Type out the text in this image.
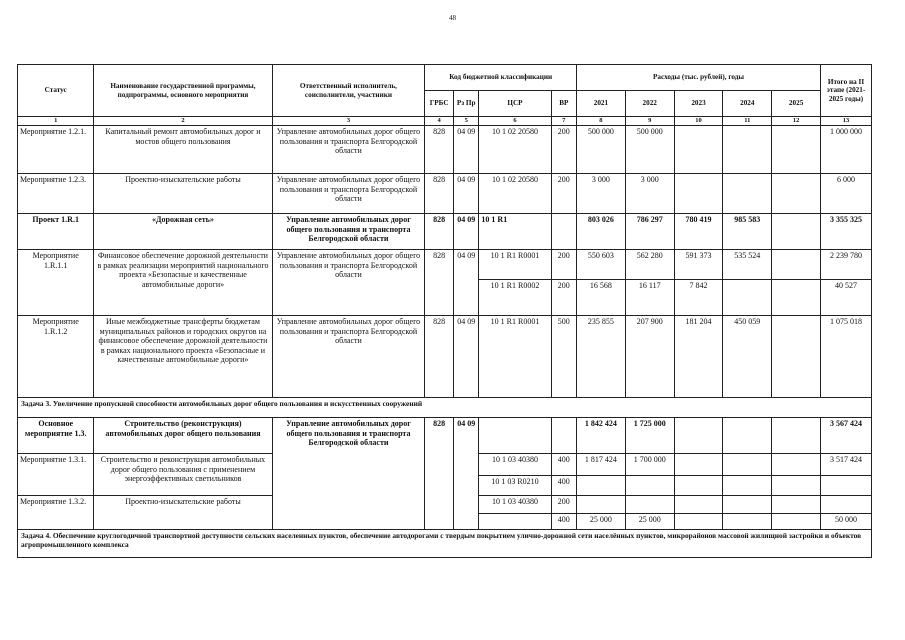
48
Статус	Наименование государственной программы, подпрограммы, основного мероприятия	Ответственный исполнитель, соисполнители, участники	Код бюджетной классификации				Расходы (тыс. рублей), годы					Итого на II этапе (2021-2025 годы)
			ГРБС	Рз Пр	ЦСР	ВР	2021	2022	2023	2024	2025	
1	2	3	4	5	6	7	8	9	10	11	12	13
Мероприятие 1.2.1.	Капитальный ремонт автомобильных дорог и мостов общего пользования	Управление автомобильных дорог общего пользования и транспорта Белгородской области	828	04 09	10 1 02 20580	200	500 000	500 000				1 000 000
Мероприятие 1.2.3.	Проектно-изыскательские работы	Управление автомобильных дорог общего пользования и транспорта Белгородской области	828	04 09	10 1 02 20580	200	3 000	3 000				6 000
Проект 1.R.1	«Дорожная сеть»	Управление автомобильных дорог общего пользования и транспорта Белгородской области	828	04 09	10 1 R1		803 026	786 297	780 419	985 583		3 355 325
Мероприятие 1.R.1.1	Финансовое обеспечение дорожной деятельности в рамках реализации мероприятий национального проекта «Безопасные и качественные автомобильные дороги»	Управление автомобильных дорог общего пользования и транспорта Белгородской области	828	04 09	10 1 R1 R0001	200	550 603	562 280	591 373	535 524		2 239 780
					10 1 R1 R0002	200	16 568	16 117	7 842			40 527
Мероприятие 1.R.1.2	Иные межбюджетные трансферты бюджетам муниципальных районов и городских округов на финансовое обеспечение дорожной деятельности в рамках национального проекта «Безопасные и качественные автомобильные дороги»	Управление автомобильных дорог общего пользования и транспорта Белгородской области	828	04 09	10 1 R1 R0001	500	235 855	207 900	181 204	450 059		1 075 018
Задача 3. Увеличение пропускной способности автомобильных дорог общего пользования и искусственных сооружений												
Основное мероприятие 1.3.	Строительство (реконструкция) автомобильных дорог общего пользования	Управление автомобильных дорог общего пользования и транспорта Белгородской области	828	04 09			1 842 424	1 725 000				3 567 424
Мероприятие 1.3.1.	Строительство и реконструкция автомобильных дорог общего пользования с применением энергоэффективных светильников				10 1 03 40380	400	1 817 424	1 700 000				3 517 424
					10 1 03 R0210	400						
Мероприятие 1.3.2.	Проектно-изыскательские работы				10 1 03 40380	200						
						400	25 000	25 000				50 000
Задача 4. Обеспечение круглогодичной транспортной доступности сельских населенных пунктов, обеспечение автодорогами с твердым покрытием улично-дорожной сети населённых пунктов, микрорайонов массовой жилищной застройки и объектов агропромышленного комплекса												
